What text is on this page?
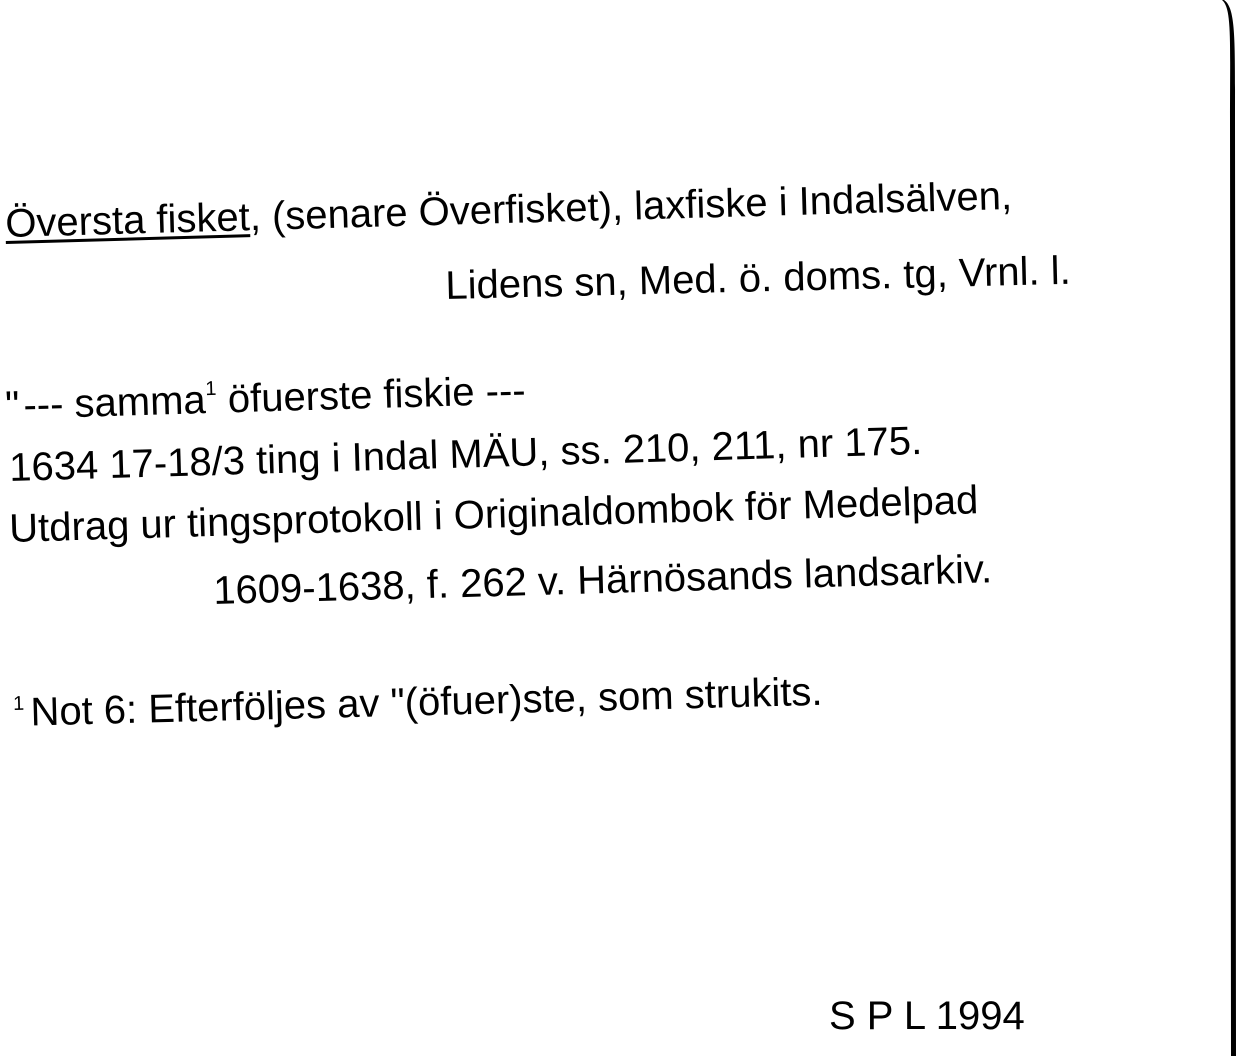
Översta fisket, (senare Överfisket), laxfiske i Indalsälven,
Lidens sn, Med. ö. doms. tg, Vrnl. l.
"--- samma$^1$ öfuerste fiskie ---
1634 17-18/3 ting i Indal MÄU, ss. 210, 211, nr 175.
Utdrag ur tingsprotokoll i Originaldombok för Medelpad
1609-1638, f. 262 v. Härnösands landsarkiv.
$^1$ Not 6: Efterföljes av "(öfuer)ste, som strukits.
S P L 1994
